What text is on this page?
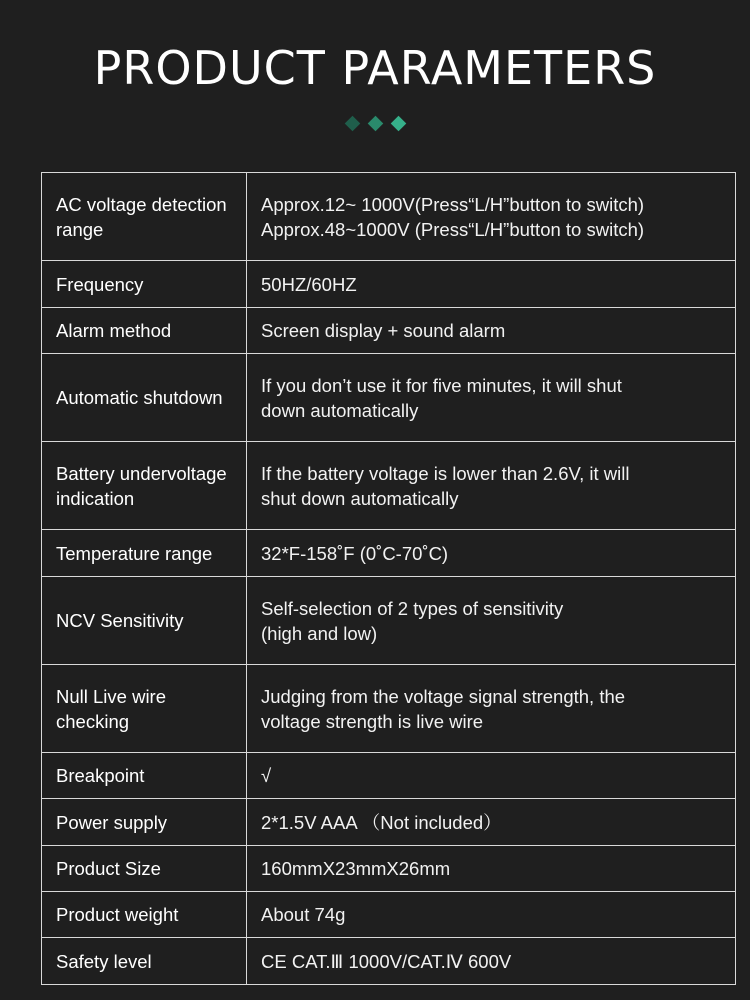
PRODUCT PARAMETERS
AC voltage detection
range	Approx.12~ 1000V(Press“L/H”button to switch)
Approx.48~1000V (Press“L/H”button to switch)

Frequency	50HZ/60HZ

Alarm method	Screen display + sound alarm

Automatic shutdown	If you don’t use it for five minutes, it will shut
down automatically

Battery undervoltage
indication	If the battery voltage is lower than 2.6V, it will
shut down automatically

Temperature range	32*F-158˚F (0˚C-70˚C)

NCV Sensitivity	Self-selection of 2 types of sensitivity
(high and low)

Null Live wire
checking	Judging from the voltage signal strength, the
voltage strength is live wire

Breakpoint	√

Power supply	2*1.5V AAA （Not included）

Product Size	160mmX23mmX26mm

Product weight	About 74g

Safety level	CE CAT.Ⅲ 1000V/CAT.Ⅳ 600V
